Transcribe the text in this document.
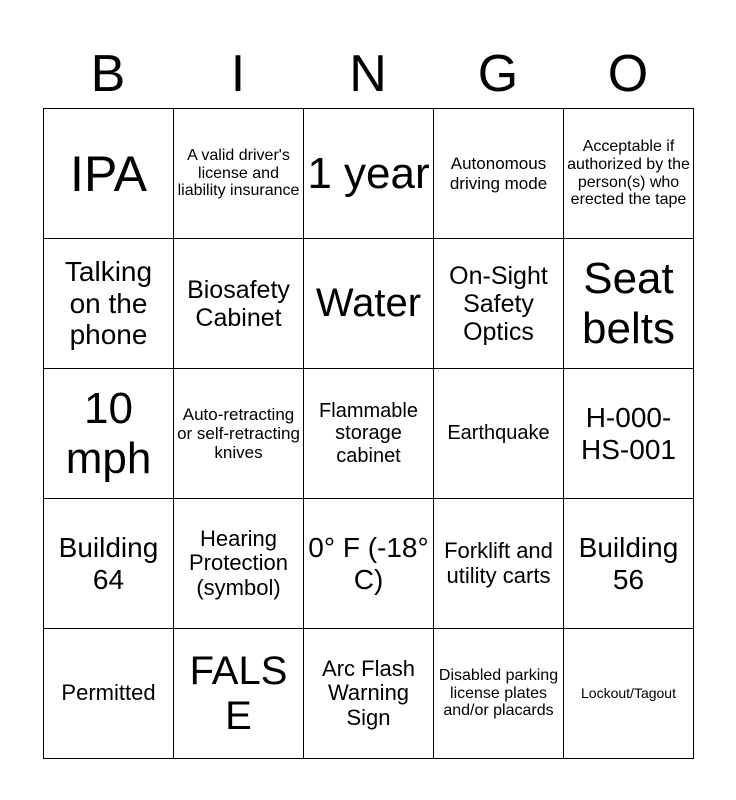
B	I	N	G	O
IPA	A valid driver's license and liability insurance	1 year	Autonomous driving mode	Acceptable if authorized by the person(s) who erected the tape
Talking on the phone	Biosafety Cabinet	Water	On-Sight Safety Optics	Seat belts
10 mph	Auto-retracting or self-retracting knives	Flammable storage cabinet	Earthquake	H-000-HS-001
Building 64	Hearing Protection (symbol)	0° F (-18° C)	Forklift and utility carts	Building 56
Permitted	FALSE	Arc Flash Warning Sign	Disabled parking license plates and/or placards	Lockout/Tagout
